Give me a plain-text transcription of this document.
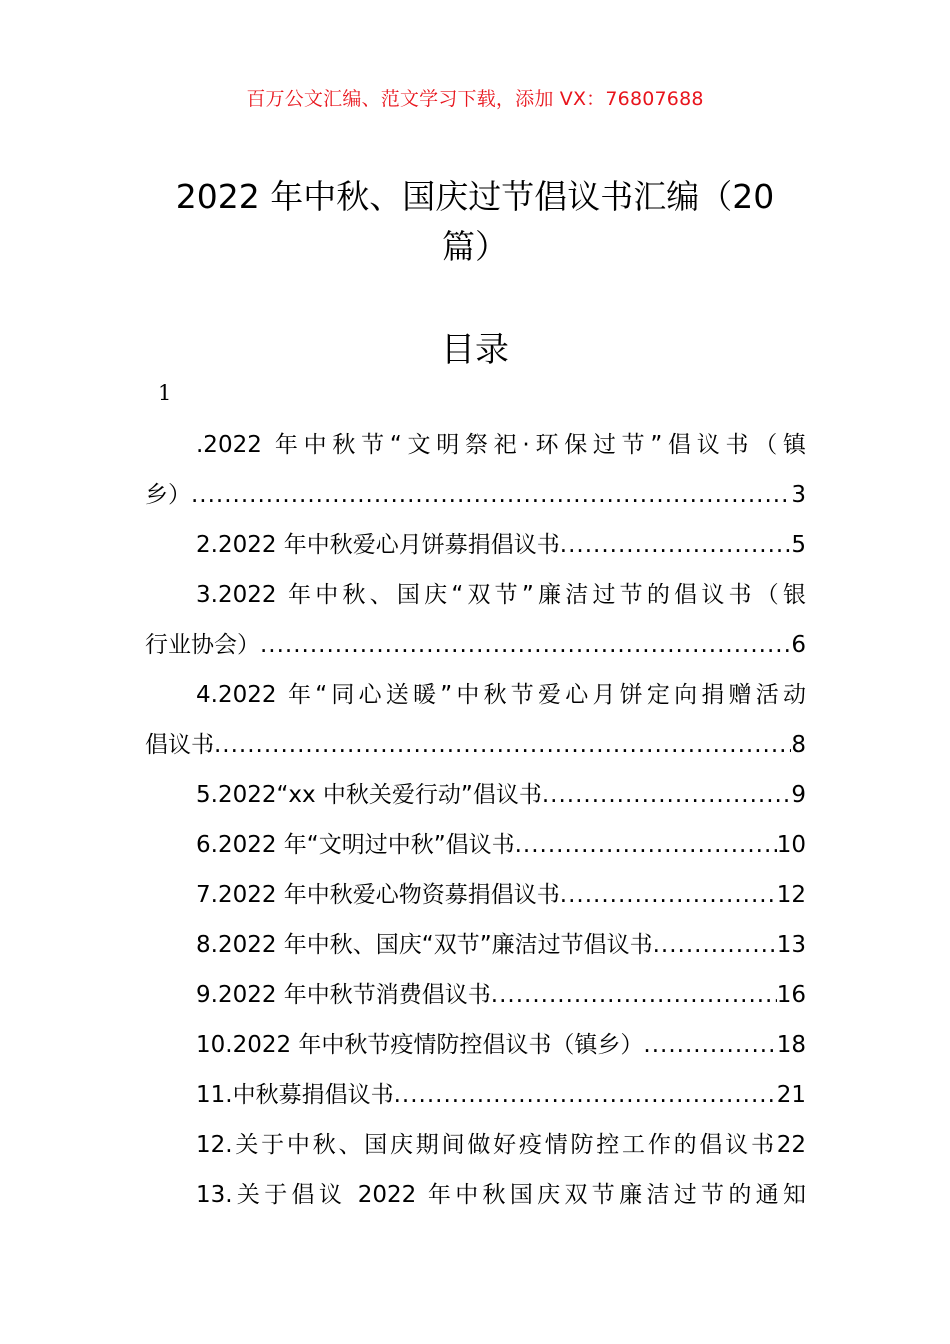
百万公文汇编、范文学习下载，添加 VX：76807688
2022 年中秋、国庆过节倡议书汇编（20 篇）
目录
1
.2022 年中秋节“文明祭祀·环保过节”倡议书（镇
乡） .....	3
2.2022 年中秋爱心月饼募捐倡议书 .....	5
3.2022 年中秋、国庆“双节”廉洁过节的倡议书（银
行业协会） .....	6
4.2022 年“同心送暖”中秋节爱心月饼定向捐赠活动
倡议书 .....	8
5.2022“xx 中秋关爱行动”倡议书 .....	9
6.2022 年“文明过中秋”倡议书 .....	10
7.2022 年中秋爱心物资募捐倡议书 .....	12
8.2022 年中秋、国庆“双节”廉洁过节倡议书 .....	13
9.2022 年中秋节消费倡议书 .....	16
10.2022 年中秋节疫情防控倡议书（镇乡） .....	18
11.中秋募捐倡议书 .....	21
12.关于中秋、国庆期间做好疫情防控工作的倡议书22
13.关于倡议 2022 年中秋国庆双节廉洁过节的通知
